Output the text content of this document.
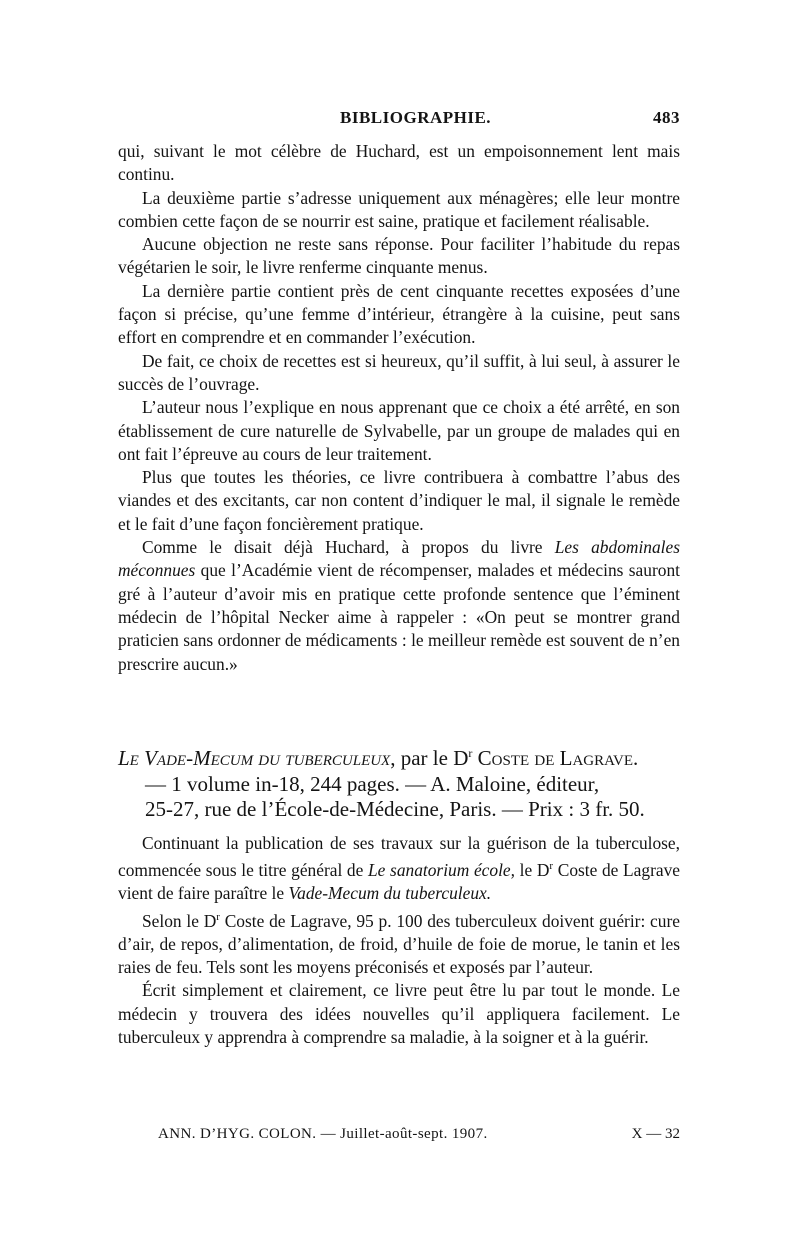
BIBLIOGRAPHIE.	483

qui, suivant le mot célèbre de Huchard, est un empoisonnement lent mais continu.

La deuxième partie s’adresse uniquement aux ménagères; elle leur montre combien cette façon de se nourrir est saine, pratique et facilement réalisable.

Aucune objection ne reste sans réponse. Pour faciliter l’habitude du repas végétarien le soir, le livre renferme cinquante menus.

La dernière partie contient près de cent cinquante recettes exposées d’une façon si précise, qu’une femme d’intérieur, étrangère à la cuisine, peut sans effort en comprendre et en commander l’exécution.

De fait, ce choix de recettes est si heureux, qu’il suffit, à lui seul, à assurer le succès de l’ouvrage.

L’auteur nous l’explique en nous apprenant que ce choix a été arrêté, en son établissement de cure naturelle de Sylvabelle, par un groupe de malades qui en ont fait l’épreuve au cours de leur traitement.

Plus que toutes les théories, ce livre contribuera à combattre l’abus des viandes et des excitants, car non content d’indiquer le mal, il signale le remède et le fait d’une façon foncièrement pratique.

Comme le disait déjà Huchard, à propos du livre Les abdominales méconnues que l’Académie vient de récompenser, malades et médecins sauront gré à l’auteur d’avoir mis en pratique cette profonde sentence que l’éminent médecin de l’hôpital Necker aime à rappeler : «On peut se montrer grand praticien sans ordonner de médicaments : le meilleur remède est souvent de n’en prescrire aucun.»

Le Vade-Mecum du tuberculeux, par le $D^r$ Coste de Lagrave.

— 1 volume in-18, 244 pages. — A. Maloine, éditeur,

25-27, rue de l’École-de-Médecine, Paris. — Prix : 3 fr. 50.

Continuant la publication de ses travaux sur la guérison de la tuberculose, commencée sous le titre général de Le sanatorium école, le $D^r$ Coste de Lagrave vient de faire paraître le Vade-Mecum du tuberculeux.

Selon le $D^r$ Coste de Lagrave, 95 p. 100 des tuberculeux doivent guérir: cure d’air, de repos, d’alimentation, de froid, d’huile de foie de morue, le tanin et les raies de feu. Tels sont les moyens préconisés et exposés par l’auteur.

Écrit simplement et clairement, ce livre peut être lu par tout le monde. Le médecin y trouvera des idées nouvelles qu’il appliquera facilement. Le tuberculeux y apprendra à comprendre sa maladie, à la soigner et à la guérir.

ANN. D’HYG. COLON. — Juillet-août-sept. 1907.	X — 32
